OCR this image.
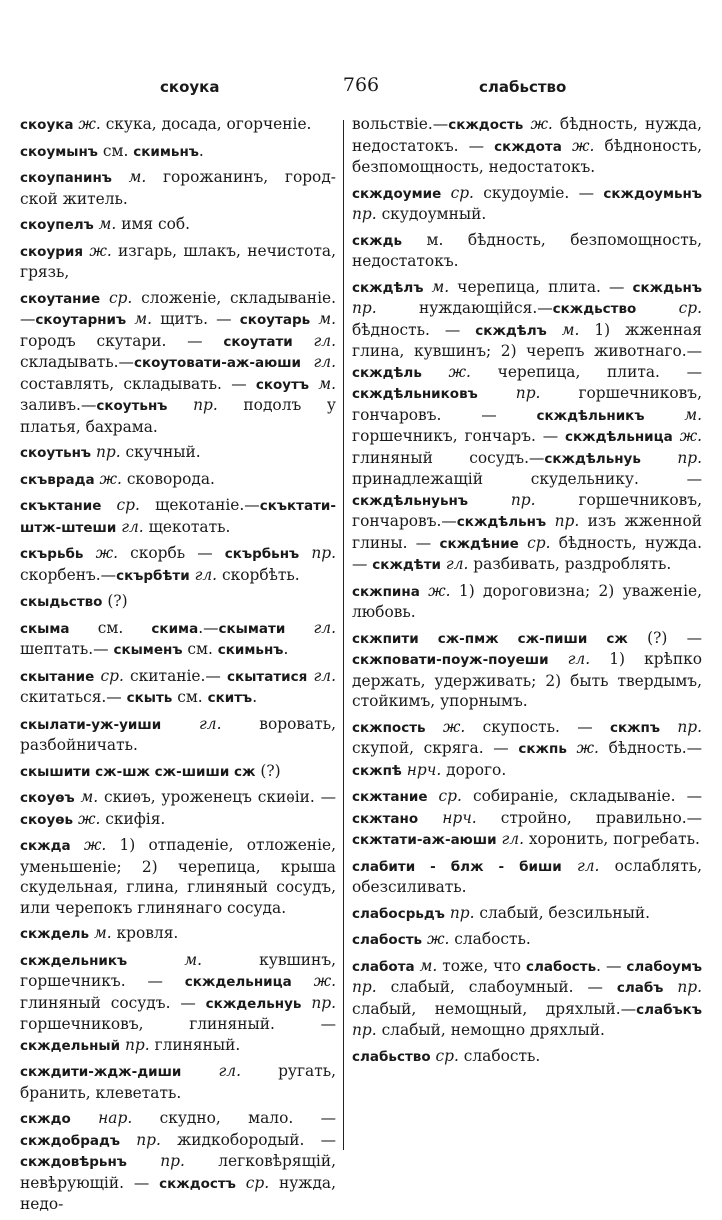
скоука	766	слабьство
скоука ж. скука, досада, огорченіе.
скоумынъ см. скимьнъ.
скоупанинъ м. горожанинъ, город-ской житель.
скоупелъ м. имя соб.
скоурия ж. изгарь, шлакъ, нечистота, грязь,
скоутание ср. сложеніе, складываніе. —скоутарниъ м. щитъ. — скоутарь м. городъ скутари. — скоутати гл. складывать.—скоутовати-аж-аюши гл. составлять, складывать. — скоутъ м. заливъ.—скоутьнъ пр. подолъ у платья, бахрама.
скоутьнъ пр. скучный.
скъврада ж. сковорода.
скъктание ср. щекотаніе.—скъктати-штж-штеши гл. щекотать.
скърьбь ж. скорбь — скърбьнъ пр. скорбенъ.—скърбѣти гл. скорбѣть.
скыдьство (?)
скыма см. скима.—скымати гл. шептать.— скыменъ см. скимьнъ.
скытание ср. скитаніе.— скытатися гл. скитаться.— скыть см. скитъ.
скылати-уж-уиши гл. воровать, разбойничать.
скышити сж-шж сж-шиши сж (?)
скоуѳъ м. скиѳъ, уроженецъ скиѳіи. —скоуѳь ж. скифія.
скжда ж. 1) отпаденіе, отложеніе, уменьшеніе; 2) черепица, крыша скудельная, глина, глиняный сосудъ, или черепокъ глинянаго сосуда.
скждель м. кровля.
скждельникъ м. кувшинъ, горшечникъ. — скждельница ж. глиняный сосудъ. — скждельнуь пр. горшечниковъ, глиняный. — скждельный пр. глиняный.
скждити-ждж-диши гл. ругать, бранить, клеветать.
скждо нар. скудно, мало. — скждобрадъ пр. жидкобородый. — скждовѣрьнъ пр. легковѣрящій, невѣрующій. — скждостъ ср. нужда, недо-
вольствіе.—скждость ж. бѣдность, нужда, недостатокъ. — скждота ж. бѣдноность, безпомощность, недостатокъ.
скждоумие ср. скудоуміе. — скждоумьнъ пр. скудоумный.
скждь м. бѣдность, безпомощность, недостатокъ.
скждѣлъ м. черепица, плита. — скждьнъ пр. нуждающійся.—скждьство ср. бѣдность. — скждѣлъ м. 1) жженная глина, кувшинъ; 2) черепъ животнаго.—скждѣль ж. черепица, плита. — скждѣльниковъ пр. горшечниковъ, гончаровъ. — скждѣльникъ м. горшечникъ, гончаръ. — скждѣльница ж. глиняный сосудъ.—скждѣльнуь пр. принадлежащій скудельнику. — скждѣльнуьнъ пр. горшечниковъ, гончаровъ.—скждѣльнъ пр. изъ жженной глины. — скждѣние ср. бѣдность, нужда. — скждѣти гл. разбивать, раздроблять.
скжпина ж. 1) дороговизна; 2) уваженіе, любовь.
скжпити сж-пмж сж-пиши сж (?) — скжповати-поуж-поуеши гл. 1) крѣпко держать, удерживать; 2) быть твердымъ, стойкимъ, упорнымъ.
скжпость ж. скупость. — скжпъ пр. скупой, скряга. — скжпь ж. бѣдность.—скжпѣ нрч. дорого.
скжтание ср. собираніе, складываніе. —скжтано нрч. стройно, правильно.—скжтати-аж-аюши гл. хоронить, погребать.
слабити - блж - биши гл. ослаблять, обезсиливать.
слабосрьдъ пр. слабый, безсильный.
слабость ж. слабость.
слабота м. тоже, что слабость. — слабоумъ пр. слабый, слабоумный. — слабъ пр. слабый, немощный, дряхлый.—слабъкъ пр. слабый, немощно дряхлый.
слабьство ср. слабость.
